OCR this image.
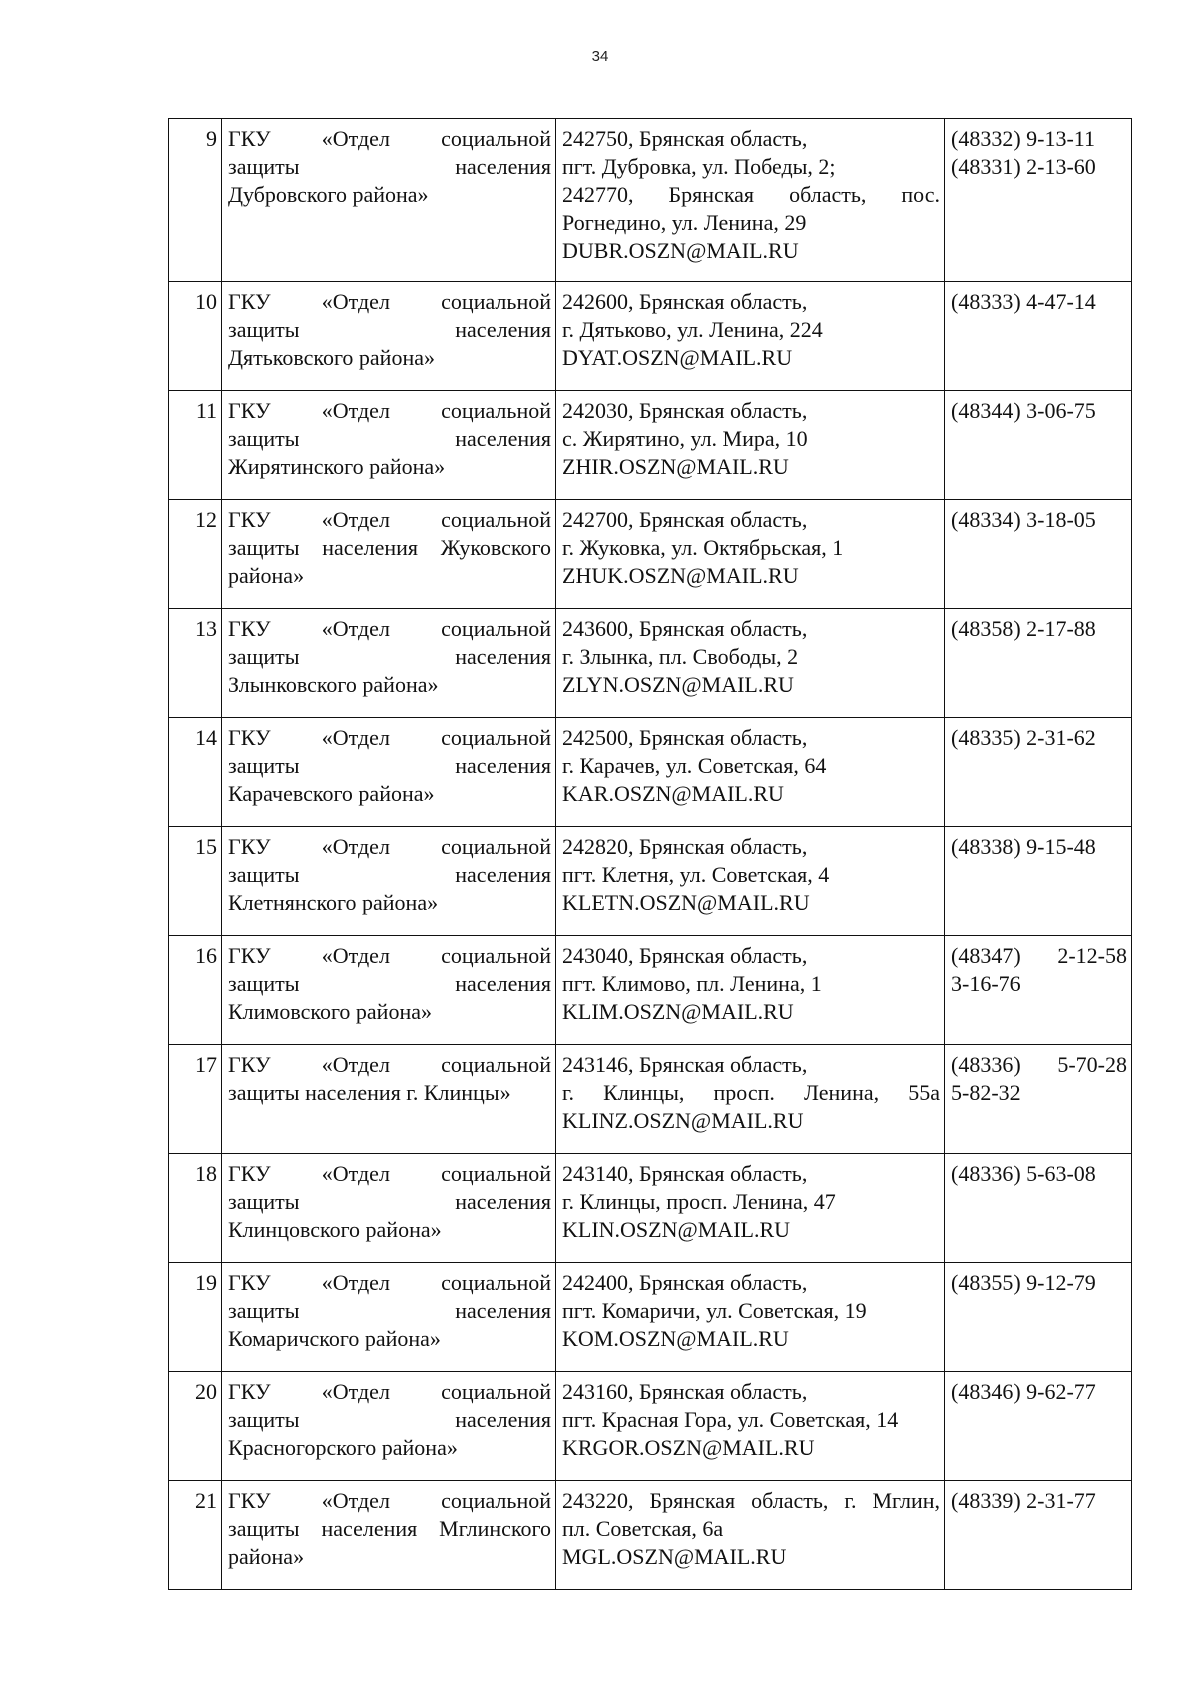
34
9	ГКУ «Отдел социальной
защиты населения
Дубровского района»	242750, Брянская область,
пгт. Дубровка, ул. Победы, 2;
242770, Брянская область, пос.
Рогнедино, ул. Ленина, 29
DUBR.OSZN@MAIL.RU	(48332) 9-13-11
(48331) 2-13-60

10	ГКУ «Отдел социальной
защиты населения
Дятьковского района»	242600, Брянская область,
г. Дятьково, ул. Ленина, 224
DYAT.OSZN@MAIL.RU	(48333) 4-47-14

11	ГКУ «Отдел социальной
защиты населения
Жирятинского района»	242030, Брянская область,
с. Жирятино, ул. Мира, 10
ZHIR.OSZN@MAIL.RU	(48344) 3-06-75

12	ГКУ «Отдел социальной
защиты населения Жуковского
района»	242700, Брянская область,
г. Жуковка, ул. Октябрьская, 1
ZHUK.OSZN@MAIL.RU	(48334) 3-18-05

13	ГКУ «Отдел социальной
защиты населения
Злынковского района»	243600, Брянская область,
г. Злынка, пл. Свободы, 2
ZLYN.OSZN@MAIL.RU	(48358) 2-17-88

14	ГКУ «Отдел социальной
защиты населения
Карачевского района»	242500, Брянская область,
г. Карачев, ул. Советская, 64
KAR.OSZN@MAIL.RU	(48335) 2-31-62

15	ГКУ «Отдел социальной
защиты населения
Клетнянского района»	242820, Брянская область,
пгт. Клетня, ул. Советская, 4
KLETN.OSZN@MAIL.RU	(48338) 9-15-48

16	ГКУ «Отдел социальной
защиты населения
Климовского района»	243040, Брянская область,
пгт. Климово, пл. Ленина, 1
KLIM.OSZN@MAIL.RU	(48347) 2-12-58
3-16-76

17	ГКУ «Отдел социальной
защиты населения г. Клинцы»	243146, Брянская область,
г. Клинцы, просп. Ленина, 55а
KLINZ.OSZN@MAIL.RU	(48336) 5-70-28
5-82-32

18	ГКУ «Отдел социальной
защиты населения
Клинцовского района»	243140, Брянская область,
г. Клинцы, просп. Ленина, 47
KLIN.OSZN@MAIL.RU	(48336) 5-63-08

19	ГКУ «Отдел социальной
защиты населения
Комаричского района»	242400, Брянская область,
пгт. Комаричи, ул. Советская, 19
KOM.OSZN@MAIL.RU	(48355) 9-12-79

20	ГКУ «Отдел социальной
защиты населения
Красногорского района»	243160, Брянская область,
пгт. Красная Гора, ул. Советская, 14
KRGOR.OSZN@MAIL.RU	(48346) 9-62-77

21	ГКУ «Отдел социальной
защиты населения Мглинского
района»	243220, Брянская область, г. Мглин,
пл. Советская, 6а
MGL.OSZN@MAIL.RU	(48339) 2-31-77
